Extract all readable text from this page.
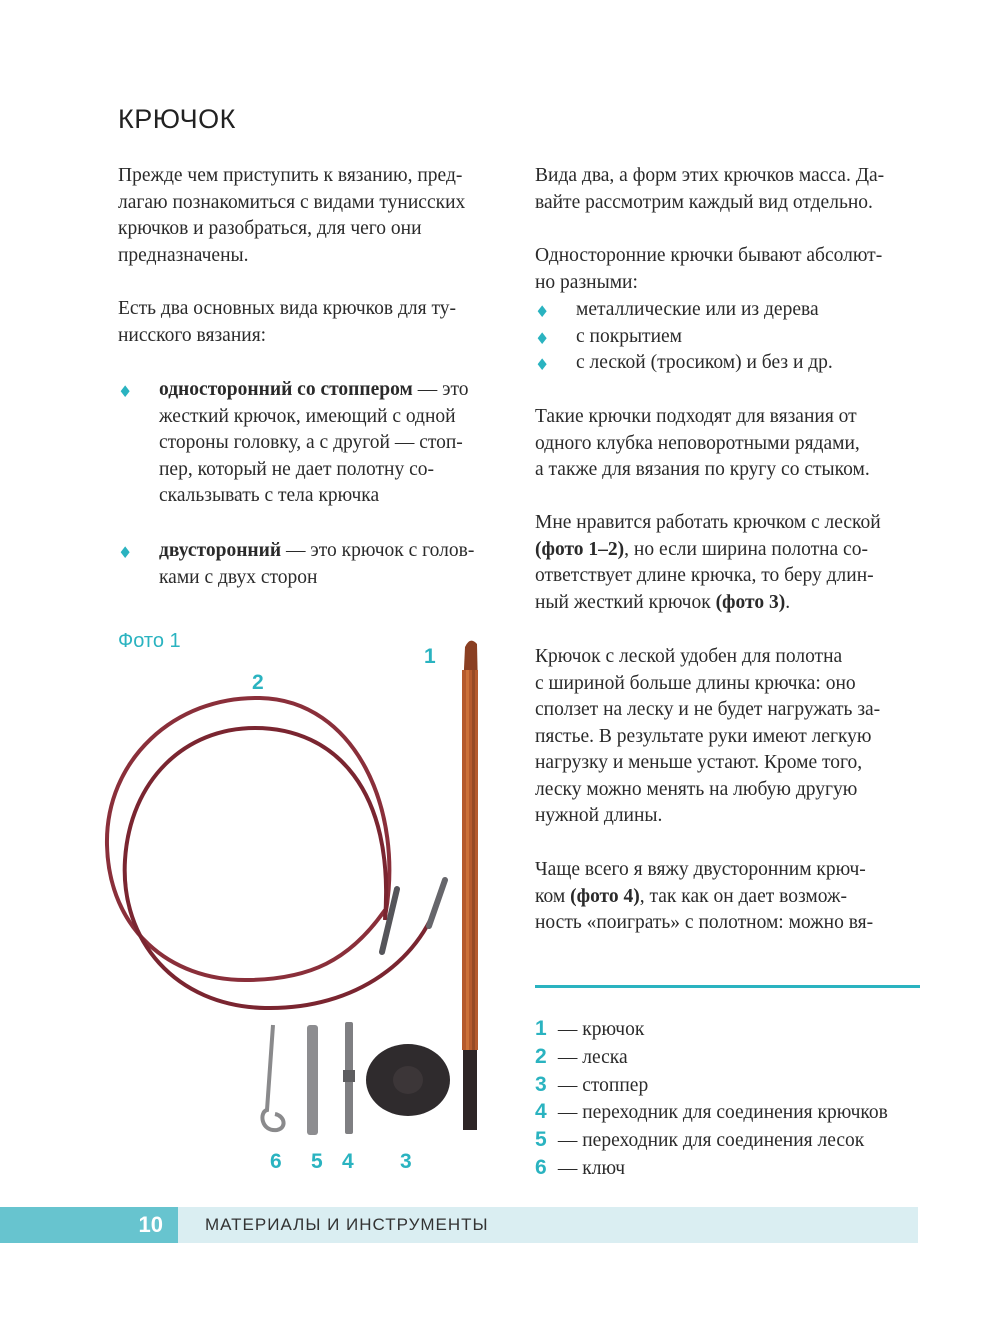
КРЮЧОК

Прежде чем приступить к вязанию, пред-
лагаю познакомиться с видами тунисских
крючков и разобраться, для чего они
предназначены.

Есть два основных вида крючков для ту-
нисского вязания:

♦ односторонний со стоппером — это
жесткий крючок, имеющий с одной
стороны головку, а с другой — стоп-
пер, который не дает полотну со-
скальзывать с тела крючка
♦ двусторонний — это крючок с голов-
ками с двух сторон
Фото 1
1
2
6 5 4 3

Вида два, а форм этих крючков масса. Да-
вайте рассмотрим каждый вид отдельно.

Односторонние крючки бывают абсолют-
но разными:

♦ металлические или из дерева
♦ с покрытием
♦ с леской (тросиком) и без и др.

Такие крючки подходят для вязания от
одного клубка неповоротными рядами,
а также для вязания по кругу со стыком.

Мне нравится работать крючком с леской
(фото 1–2), но если ширина полотна со-
ответствует длине крючка, то беру длин-
ный жесткий крючок (фото 3).

Крючок с леской удобен для полотна
с шириной больше длины крючка: оно
сползет на леску и не будет нагружать за-
пястье. В результате руки имеют легкую
нагрузку и меньше устают. Кроме того,
леску можно менять на любую другую
нужной длины.

Чаще всего я вяжу двусторонним крюч-
ком (фото 4), так как он дает возмож-
ность «поиграть» с полотном: можно вя-

1 — крючок
2 — леска
3 — стоппер
4 — переходник для соединения крючков
5 — переходник для соединения лесок
6 — ключ
10	МАТЕРИАЛЫ И ИНСТРУМЕНТЫ
